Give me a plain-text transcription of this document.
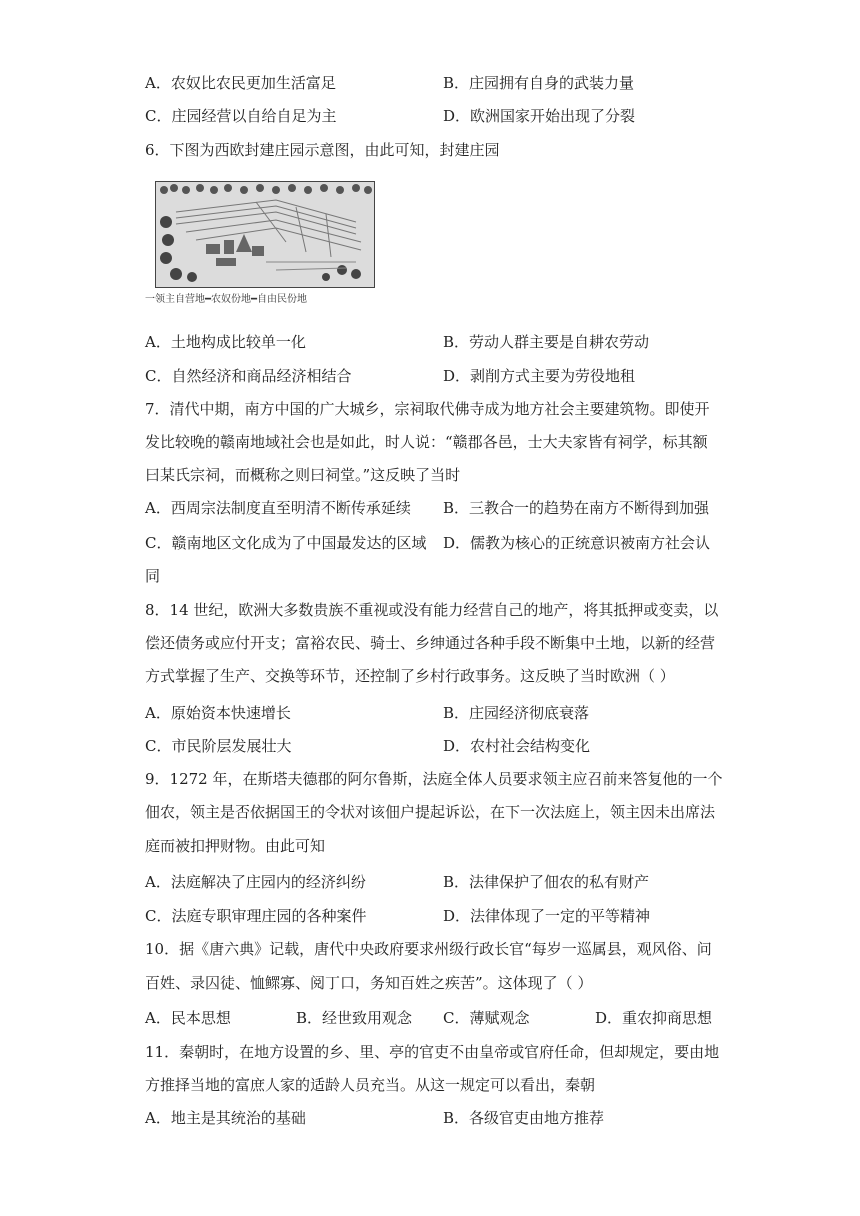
A．农奴比农民更加生活富足	B．庄园拥有自身的武装力量
C．庄园经营以自给自足为主	D．欧洲国家开始出现了分裂
6．下图为西欧封建庄园示意图，由此可知，封建庄园
一领主自营地━农奴份地━自由民份地
A．土地构成比较单一化	B．劳动人群主要是自耕农劳动
C．自然经济和商品经济相结合	D．剥削方式主要为劳役地租
7．清代中期，南方中国的广大城乡，宗祠取代佛寺成为地方社会主要建筑物。即使开
发比较晚的赣南地域社会也是如此，时人说：“赣郡各邑，士大夫家皆有祠学，标其额
曰某氏宗祠，而概称之则曰祠堂。”这反映了当时
A．西周宗法制度直至明清不断传承延续 B．三教合一的趋势在南方不断得到加强
C．赣南地区文化成为了中国最发达的区域 D．儒教为核心的正统意识被南方社会认
同
8．14 世纪，欧洲大多数贵族不重视或没有能力经营自己的地产，将其抵押或变卖，以
偿还债务或应付开支；富裕农民、骑士、乡绅通过各种手段不断集中土地，以新的经营
方式掌握了生产、交换等环节，还控制了乡村行政事务。这反映了当时欧洲（ ）
A．原始资本快速增长	B．庄园经济彻底衰落
C．市民阶层发展壮大	D．农村社会结构变化
9．1272 年，在斯塔夫德郡的阿尔鲁斯，法庭全体人员要求领主应召前来答复他的一个
佃农，领主是否依据国王的令状对该佃户提起诉讼，在下一次法庭上，领主因未出席法
庭而被扣押财物。由此可知
A．法庭解决了庄园内的经济纠纷	B．法律保护了佃农的私有财产
C．法庭专职审理庄园的各种案件	D．法律体现了一定的平等精神
10．据《唐六典》记载，唐代中央政府要求州级行政长官“每岁一巡属县，观风俗、问
百姓、录囚徒、恤鳏寡、阅丁口，务知百姓之疾苦”。这体现了（ ）
A．民本思想	B．经世致用观念 C．薄赋观念	D．重农抑商思想
11．秦朝时，在地方设置的乡、里、亭的官吏不由皇帝或官府任命，但却规定，要由地
方推择当地的富庶人家的适龄人员充当。从这一规定可以看出，秦朝
A．地主是其统治的基础	B．各级官吏由地方推荐
